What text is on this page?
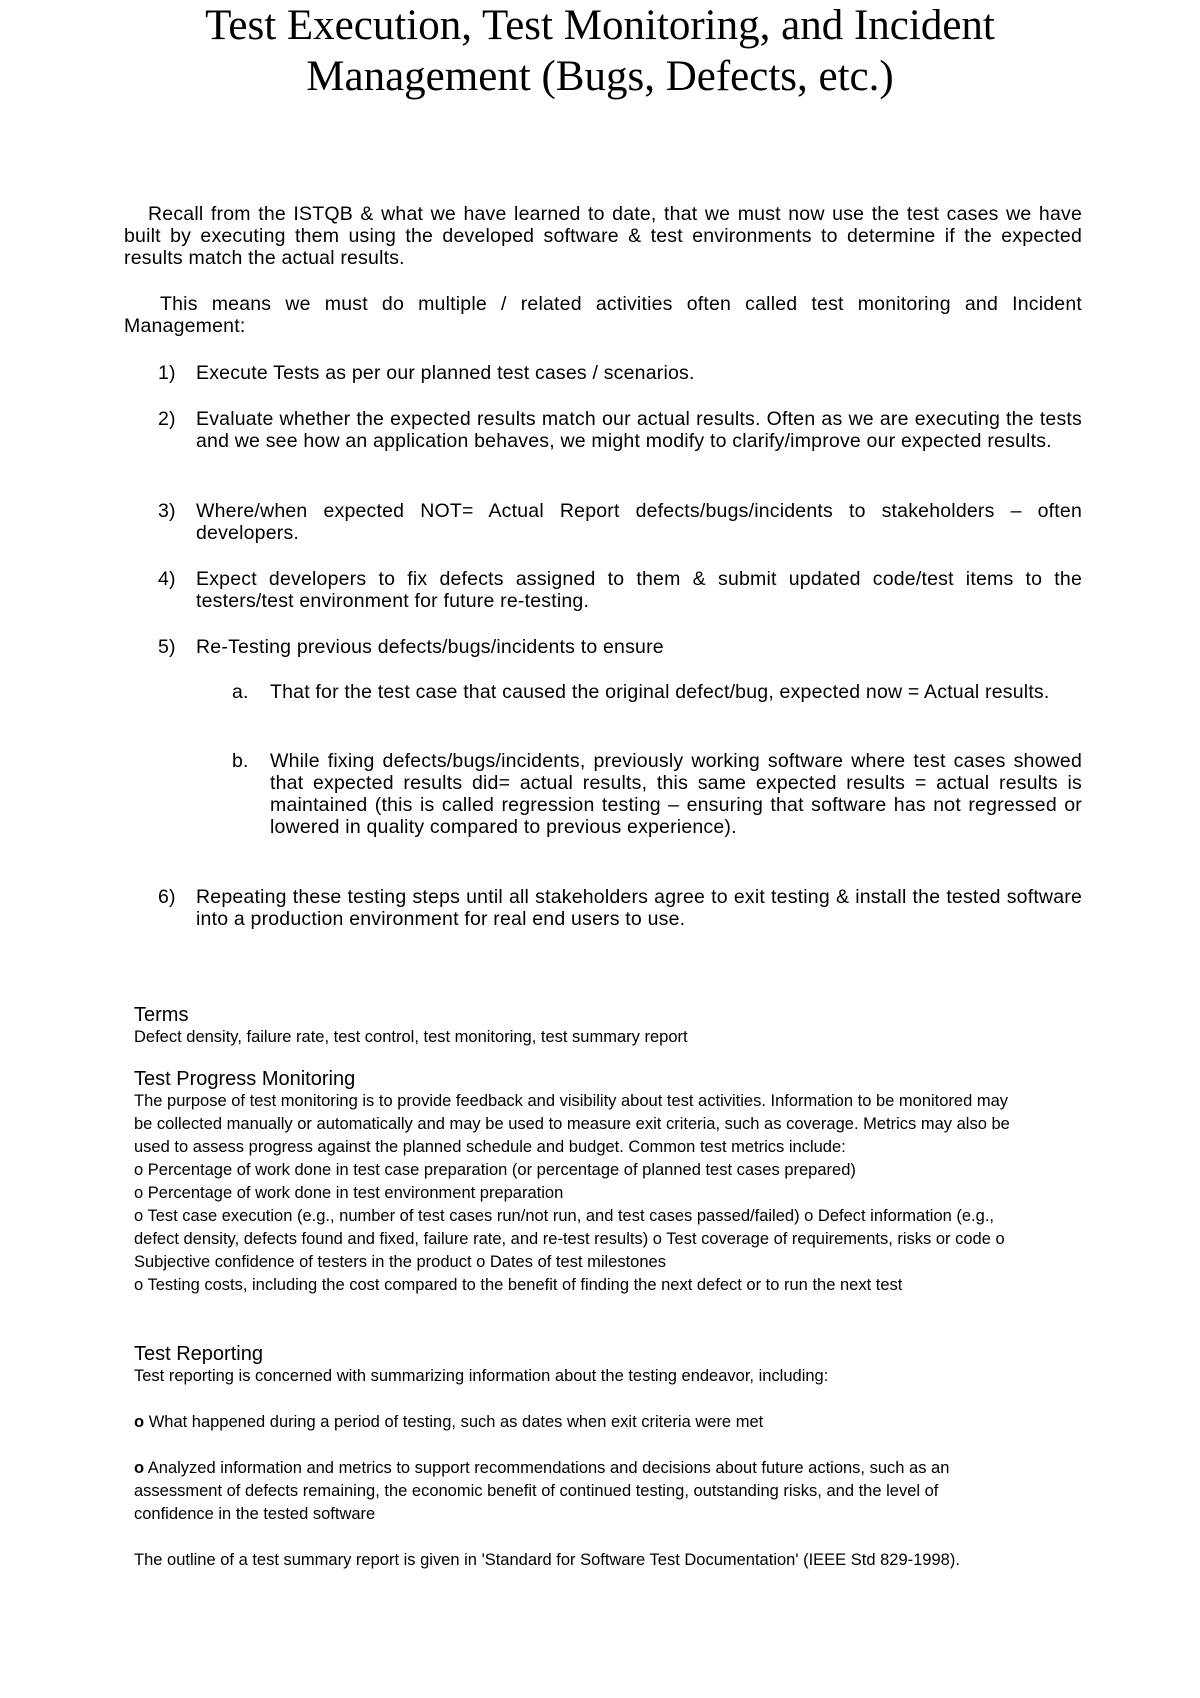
Test Execution, Test Monitoring, and Incident
Management (Bugs, Defects, etc.)

Recall from the ISTQB & what we have learned to date, that we must now use the test cases we have built by executing them using the developed software & test environments to determine if the expected results match the actual results.

This means we must do multiple / related activities often called test monitoring and Incident Management:

1)	Execute Tests as per our planned test cases / scenarios.
2)	Evaluate whether the expected results match our actual results. Often as we are executing the tests and we see how an application behaves, we might modify to clarify/improve our expected results.
3)	Where/when expected NOT= Actual Report defects/bugs/incidents to stakeholders – often developers.
4)	Expect developers to fix defects assigned to them & submit updated code/test items to the testers/test environment for future re-testing.
5)	Re-Testing previous defects/bugs/incidents to ensure
a.	That for the test case that caused the original defect/bug, expected now = Actual results.
b.	While fixing defects/bugs/incidents, previously working software where test cases showed that expected results did= actual results, this same expected results = actual results is maintained (this is called regression testing – ensuring that software has not regressed or lowered in quality compared to previous experience).
6)	Repeating these testing steps until all stakeholders agree to exit testing & install the tested software into a production environment for real end users to use.
Terms
Defect density, failure rate, test control, test monitoring, test summary report
Test Progress Monitoring

The purpose of test monitoring is to provide feedback and visibility about test activities. Information to be monitored may be collected manually or automatically and may be used to measure exit criteria, such as coverage. Metrics may also be used to assess progress against the planned schedule and budget. Common test metrics include:

o Percentage of work done in test case preparation (or percentage of planned test cases prepared)

o Percentage of work done in test environment preparation

o Test case execution (e.g., number of test cases run/not run, and test cases passed/failed) o Defect information (e.g., defect density, defects found and fixed, failure rate, and re-test results) o Test coverage of requirements, risks or code o Subjective confidence of testers in the product o Dates of test milestones

o Testing costs, including the cost compared to the benefit of finding the next defect or to run the next test

Test Reporting

Test reporting is concerned with summarizing information about the testing endeavor, including:

o What happened during a period of testing, such as dates when exit criteria were met

o Analyzed information and metrics to support recommendations and decisions about future actions, such as an assessment of defects remaining, the economic benefit of continued testing, outstanding risks, and the level of confidence in the tested software

The outline of a test summary report is given in 'Standard for Software Test Documentation' (IEEE Std 829-1998).
